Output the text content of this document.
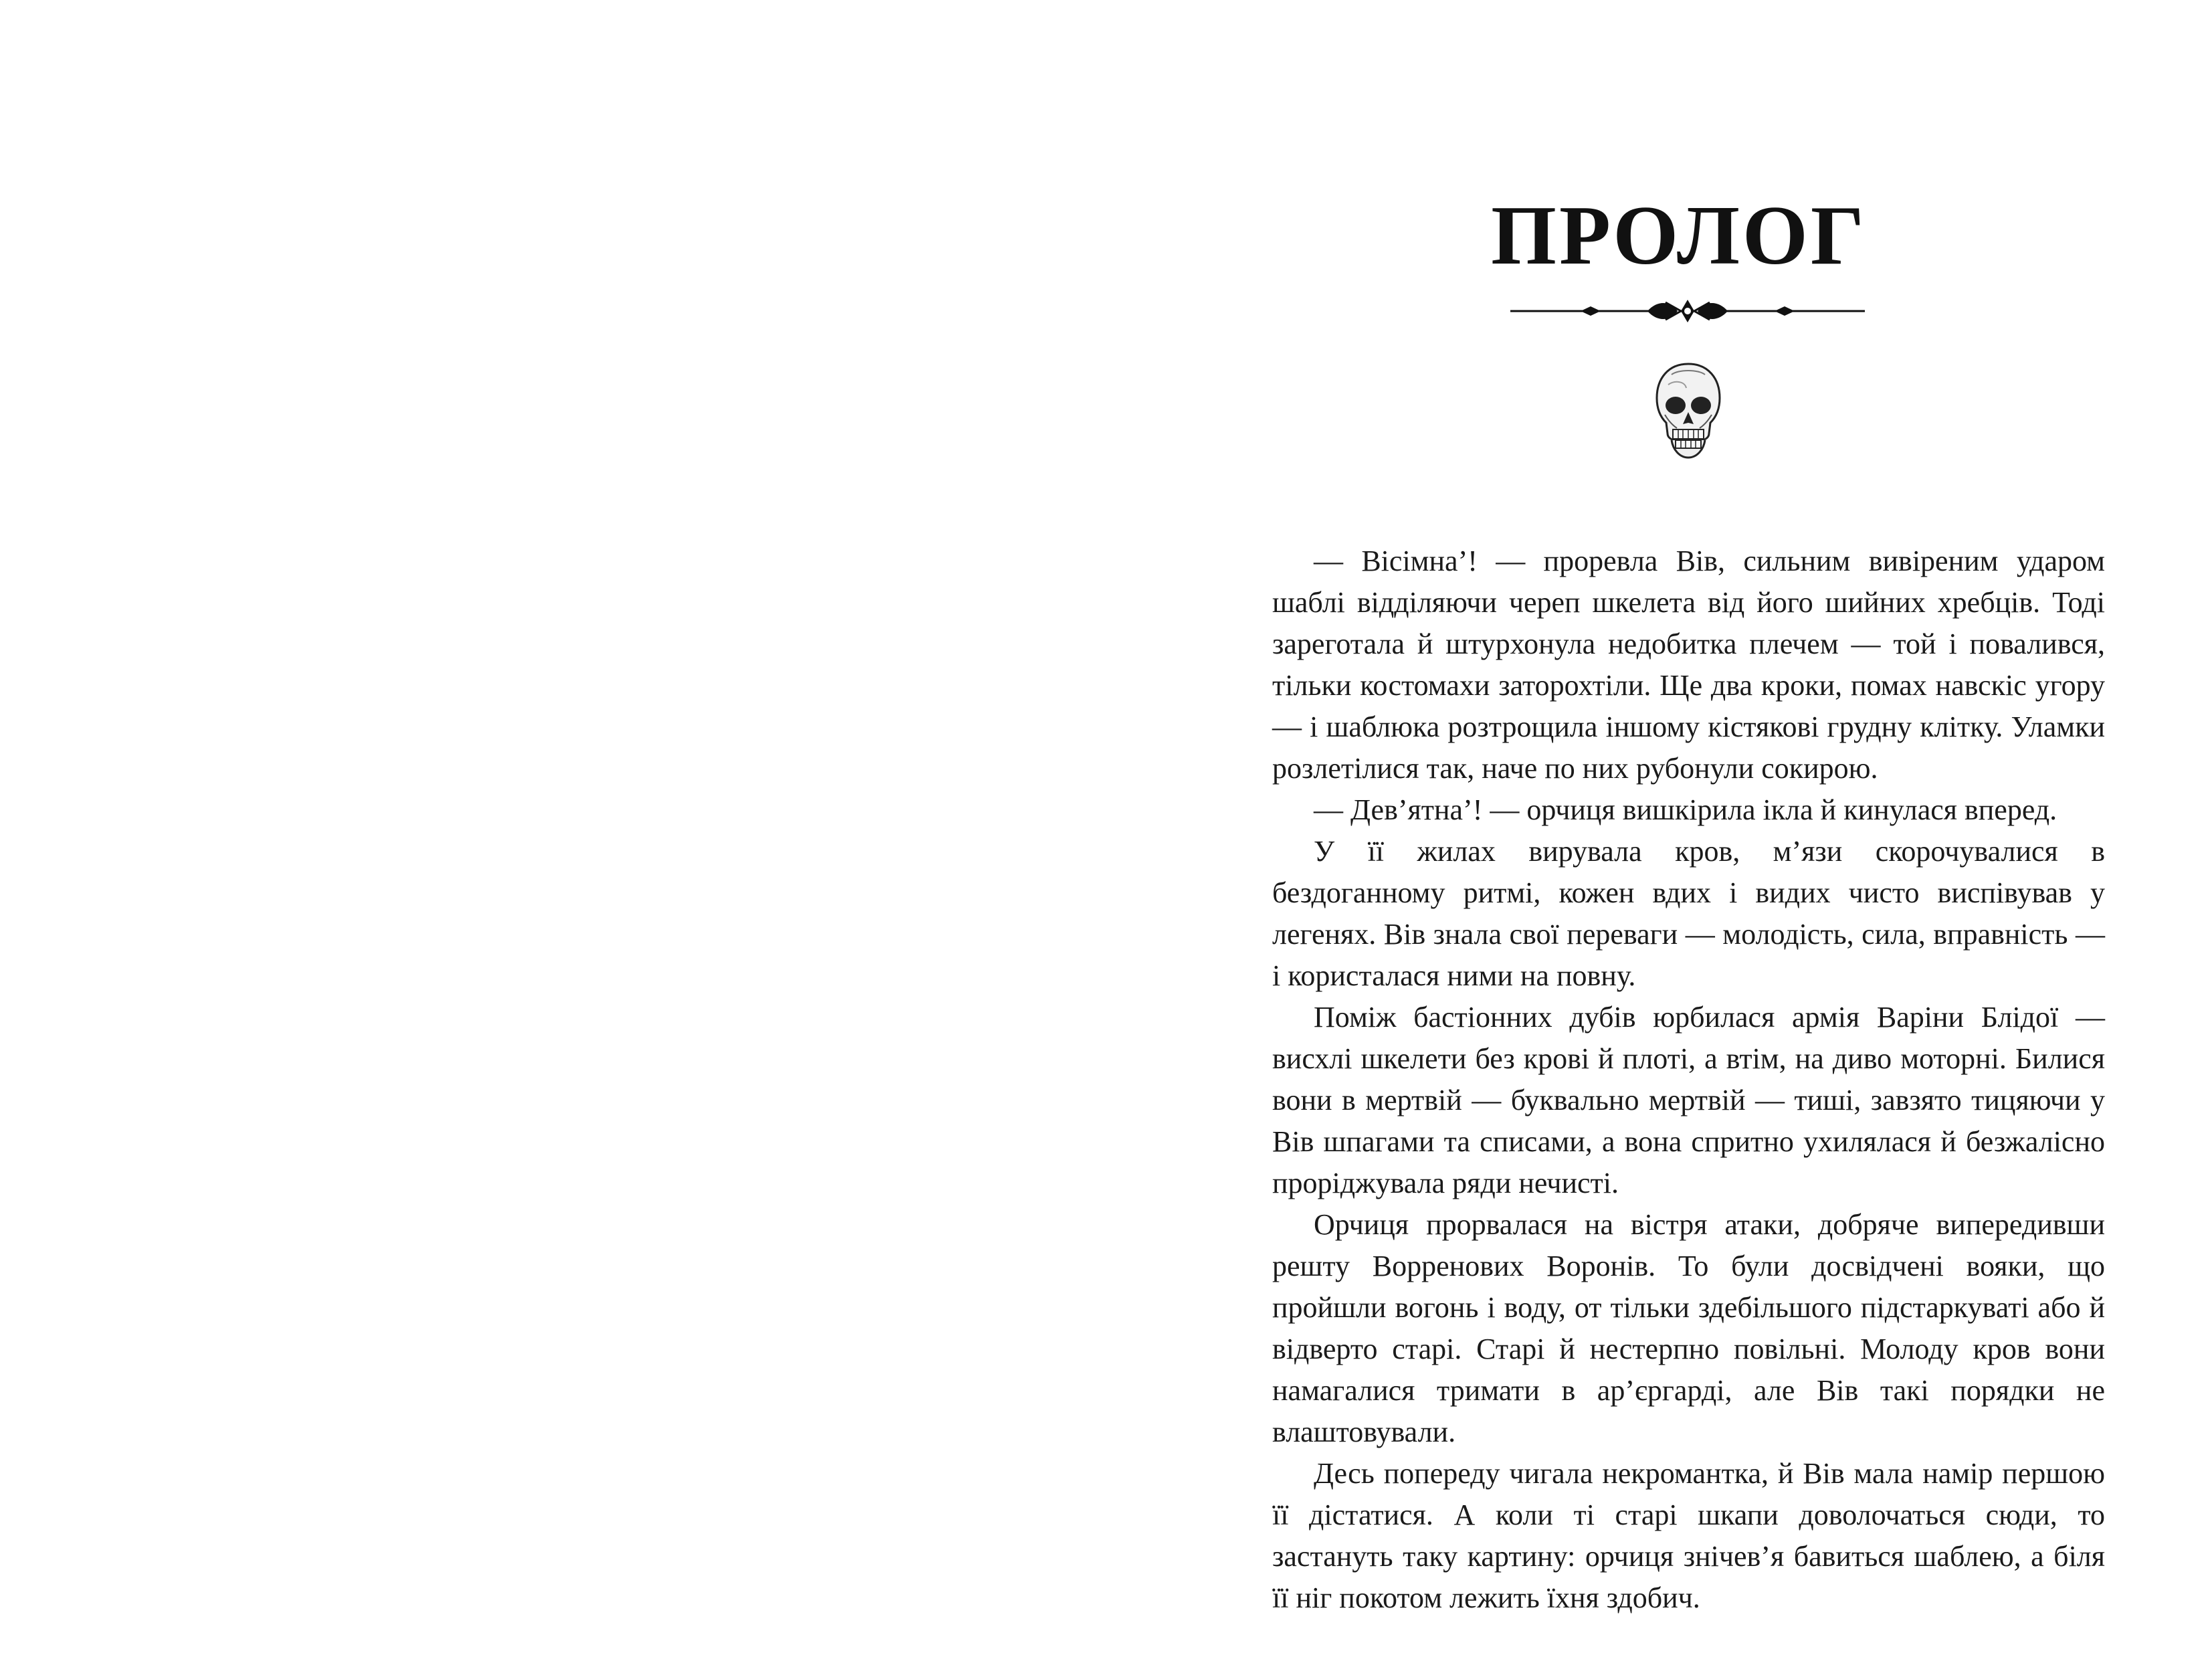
ПРОЛОГ

— Вісімна’! — проревла Вів, сильним вивіреним ударом шаблі відділяючи череп шкелета від його шийних хребців. Тоді зареготала й штурхонула недобитка плечем — той і повалився, тільки костомахи заторохтіли. Ще два кроки, помах навскіс угору — і шаблюка розтрощила іншому кістякові грудну клітку. Уламки розлетілися так, наче по них рубонули сокирою.

— Дев’ятна’! — орчиця вишкірила ікла й кинулася вперед.

У її жилах вирувала кров, м’язи скорочувалися в бездоганному ритмі, кожен вдих і видих чисто виспівував у легенях. Вів знала свої переваги — молодість, сила, вправність — і користалася ними на повну.

Поміж бастіонних дубів юрбилася армія Варіни Блідої — висхлі шкелети без крові й плоті, а втім, на диво моторні. Билися вони в мертвій — буквально мертвій — тиші, завзято тицяючи у Вів шпагами та списами, а вона спритно ухилялася й безжалісно проріджувала ряди нечисті.

Орчиця прорвалася на вістря атаки, добряче випередивши решту Ворренових Воронів. То були досвідчені вояки, що пройшли вогонь і воду, от тільки здебільшого підстаркуваті або й відверто старі. Старі й нестерпно повільні. Молоду кров вони намагалися тримати в ар’єргарді, але Вів такі порядки не влаштовували.

Десь попереду чигала некромантка, й Вів мала намір першою її дістатися. А коли ті старі шкапи доволочаться сюди, то застануть таку картину: орчиця знічев’я бавиться шаблею, а біля її ніг покотом лежить їхня здобич.
